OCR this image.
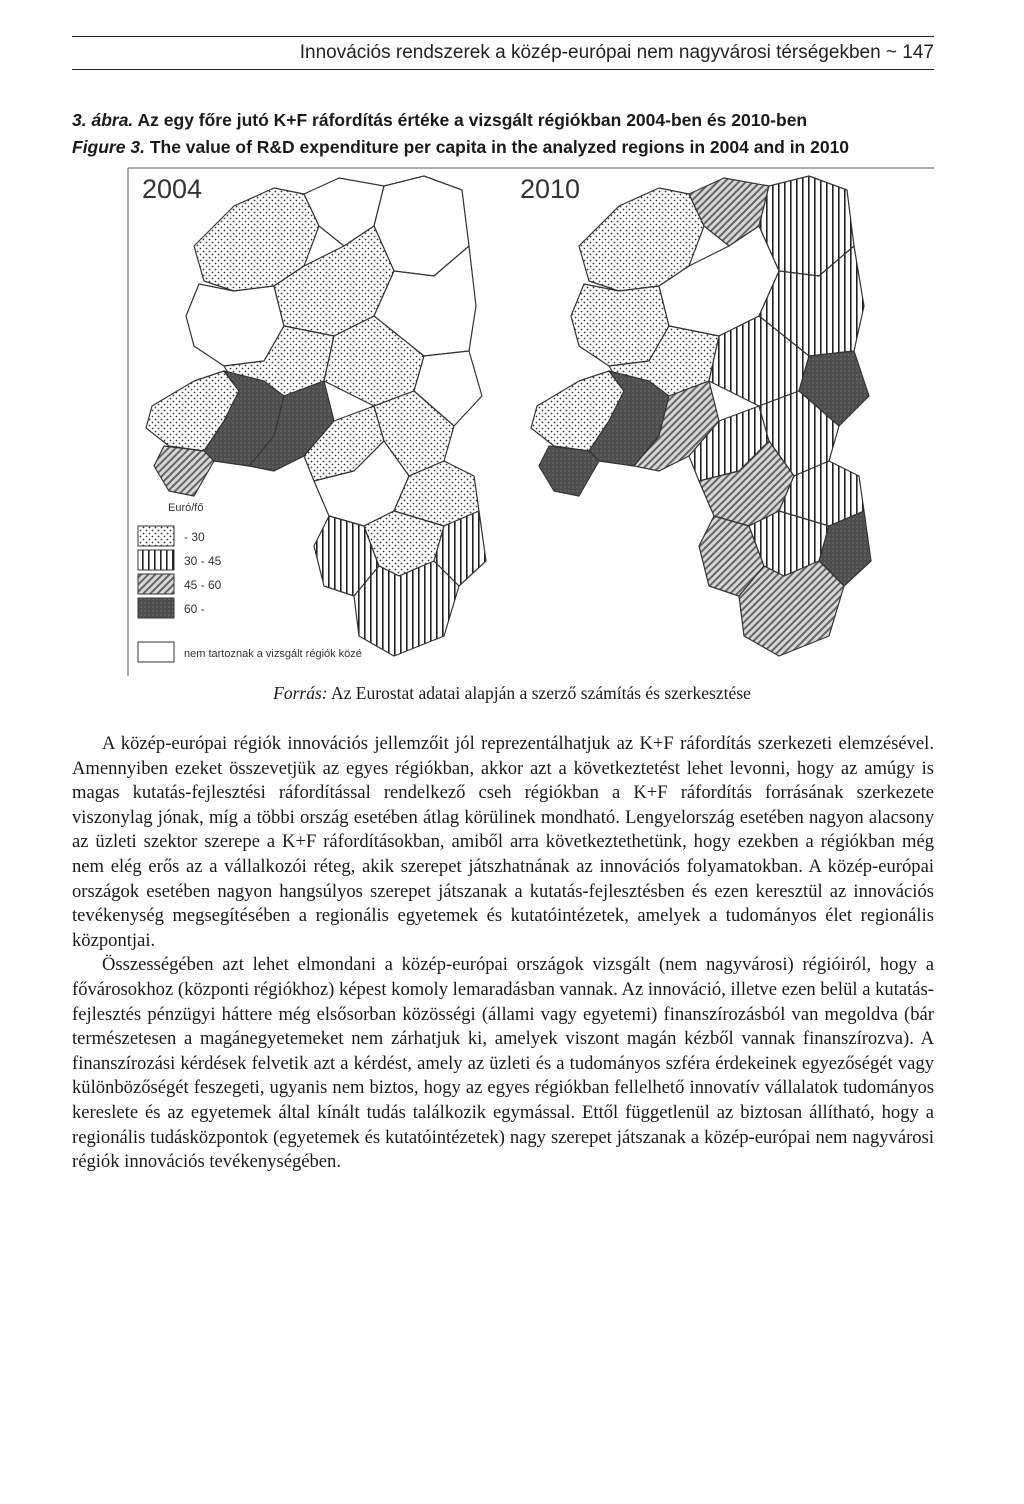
Innovációs rendszerek a közép-európai nem nagyvárosi térségekben ~ 147
3. ábra. Az egy főre jutó K+F ráfordítás értéke a vizsgált régiókban 2004-ben és 2010-ben
Figure 3. The value of R&D expenditure per capita in the analyzed regions in 2004 and in 2010
2004
Euró/fő
- 30
30 - 45
45 - 60
60 -
nem tartoznak a vizsgált régiók közé
2010
Forrás: Az Eurostat adatai alapján a szerző számítás és szerkesztése

A közép-európai régiók innovációs jellemzőit jól reprezentálhatjuk az K+F ráfordítás szerkezeti elemzésével. Amennyiben ezeket összevetjük az egyes régiókban, akkor azt a következtetést lehet levonni, hogy az amúgy is magas kutatás-fejlesztési ráfordítással rendelkező cseh régiókban a K+F ráfordítás forrásának szerkezete viszonylag jónak, míg a többi ország esetében átlag körülinek mondható. Lengyelország esetében nagyon alacsony az üzleti szektor szerepe a K+F ráfordításokban, amiből arra következtethetünk, hogy ezekben a régiókban még nem elég erős az a vállalkozói réteg, akik szerepet játszhatnának az innovációs folyamatokban. A közép-európai országok esetében nagyon hangsúlyos szerepet játszanak a kutatás-fejlesztésben és ezen keresztül az innovációs tevékenység megsegítésében a regionális egyetemek és kutatóintézetek, amelyek a tudományos élet regionális központjai.

Összességében azt lehet elmondani a közép-európai országok vizsgált (nem nagyvárosi) régióiról, hogy a fővárosokhoz (központi régiókhoz) képest komoly lemaradásban vannak. Az innováció, illetve ezen belül a kutatás-fejlesztés pénzügyi háttere még elsősorban közösségi (állami vagy egyetemi) finanszírozásból van megoldva (bár természetesen a magánegyetemeket nem zárhatjuk ki, amelyek viszont magán kézből vannak finanszírozva). A finanszírozási kérdések felvetik azt a kérdést, amely az üzleti és a tudományos szféra érdekeinek egyezőségét vagy különbözőségét feszegeti, ugyanis nem biztos, hogy az egyes régiókban fellelhető innovatív vállalatok tudományos kereslete és az egyetemek által kínált tudás találkozik egymással. Ettől függetlenül az biztosan állítható, hogy a regionális tudásközpontok (egyetemek és kutatóintézetek) nagy szerepet játszanak a közép-európai nem nagyvárosi régiók innovációs tevékenységében.
